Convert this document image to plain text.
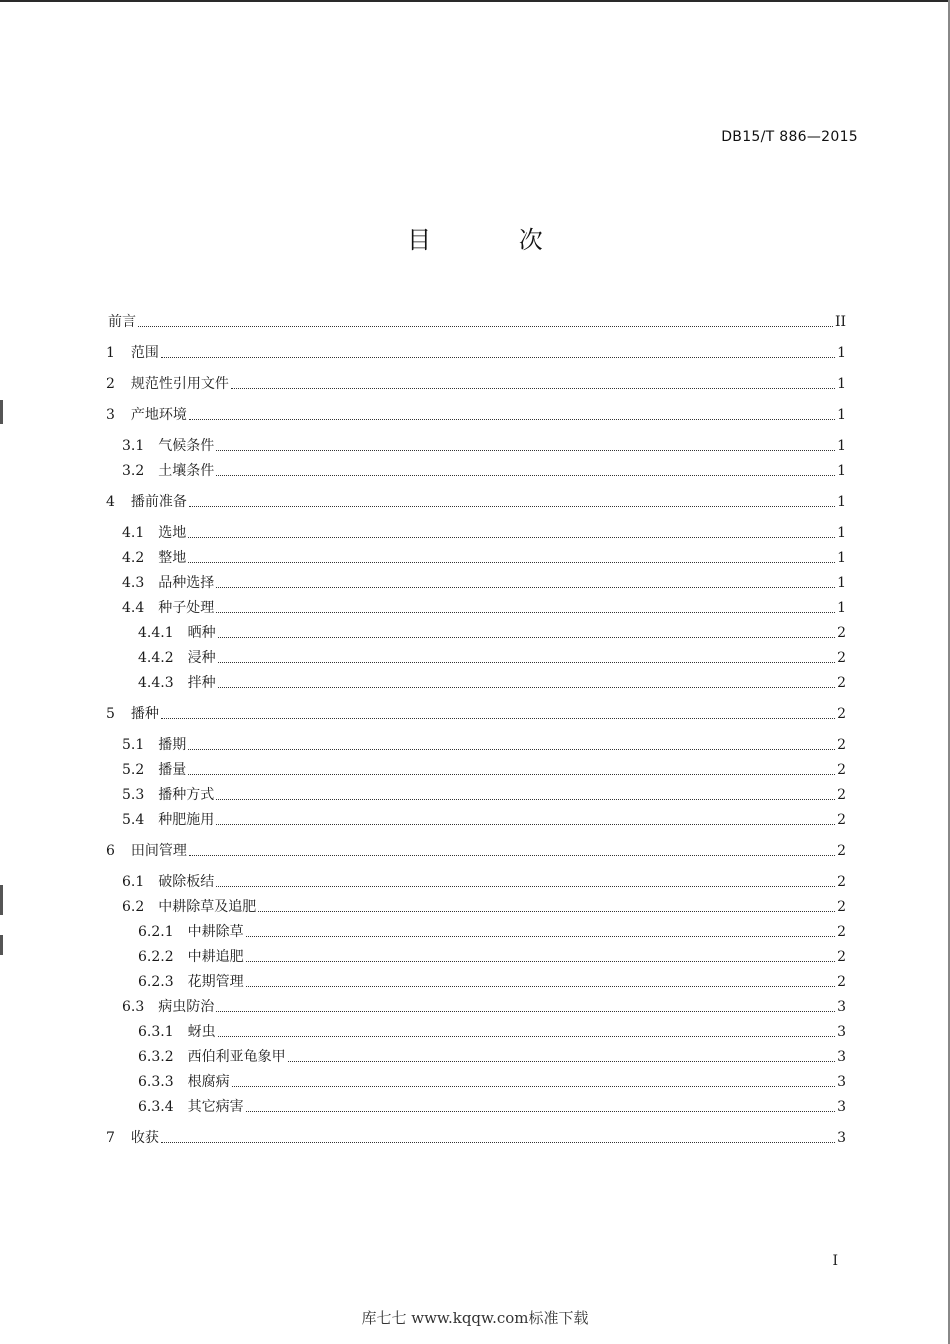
DB15/T 886—2015
目 次
前言	II
1 范围	1
2 规范性引用文件	1
3 产地环境	1
3.1 气候条件	1
3.2 土壤条件	1
4 播前准备	1
4.1 选地	1
4.2 整地	1
4.3 品种选择	1
4.4 种子处理	1
4.4.1 晒种	2
4.4.2 浸种	2
4.4.3 拌种	2
5 播种	2
5.1 播期	2
5.2 播量	2
5.3 播种方式	2
5.4 种肥施用	2
6 田间管理	2
6.1 破除板结	2
6.2 中耕除草及追肥	2
6.2.1 中耕除草	2
6.2.2 中耕追肥	2
6.2.3 花期管理	2
6.3 病虫防治	3
6.3.1 蚜虫	3
6.3.2 西伯利亚龟象甲	3
6.3.3 根腐病	3
6.3.4 其它病害	3
7 收获	3
I
库七七 www.kqqw.com标准下载
